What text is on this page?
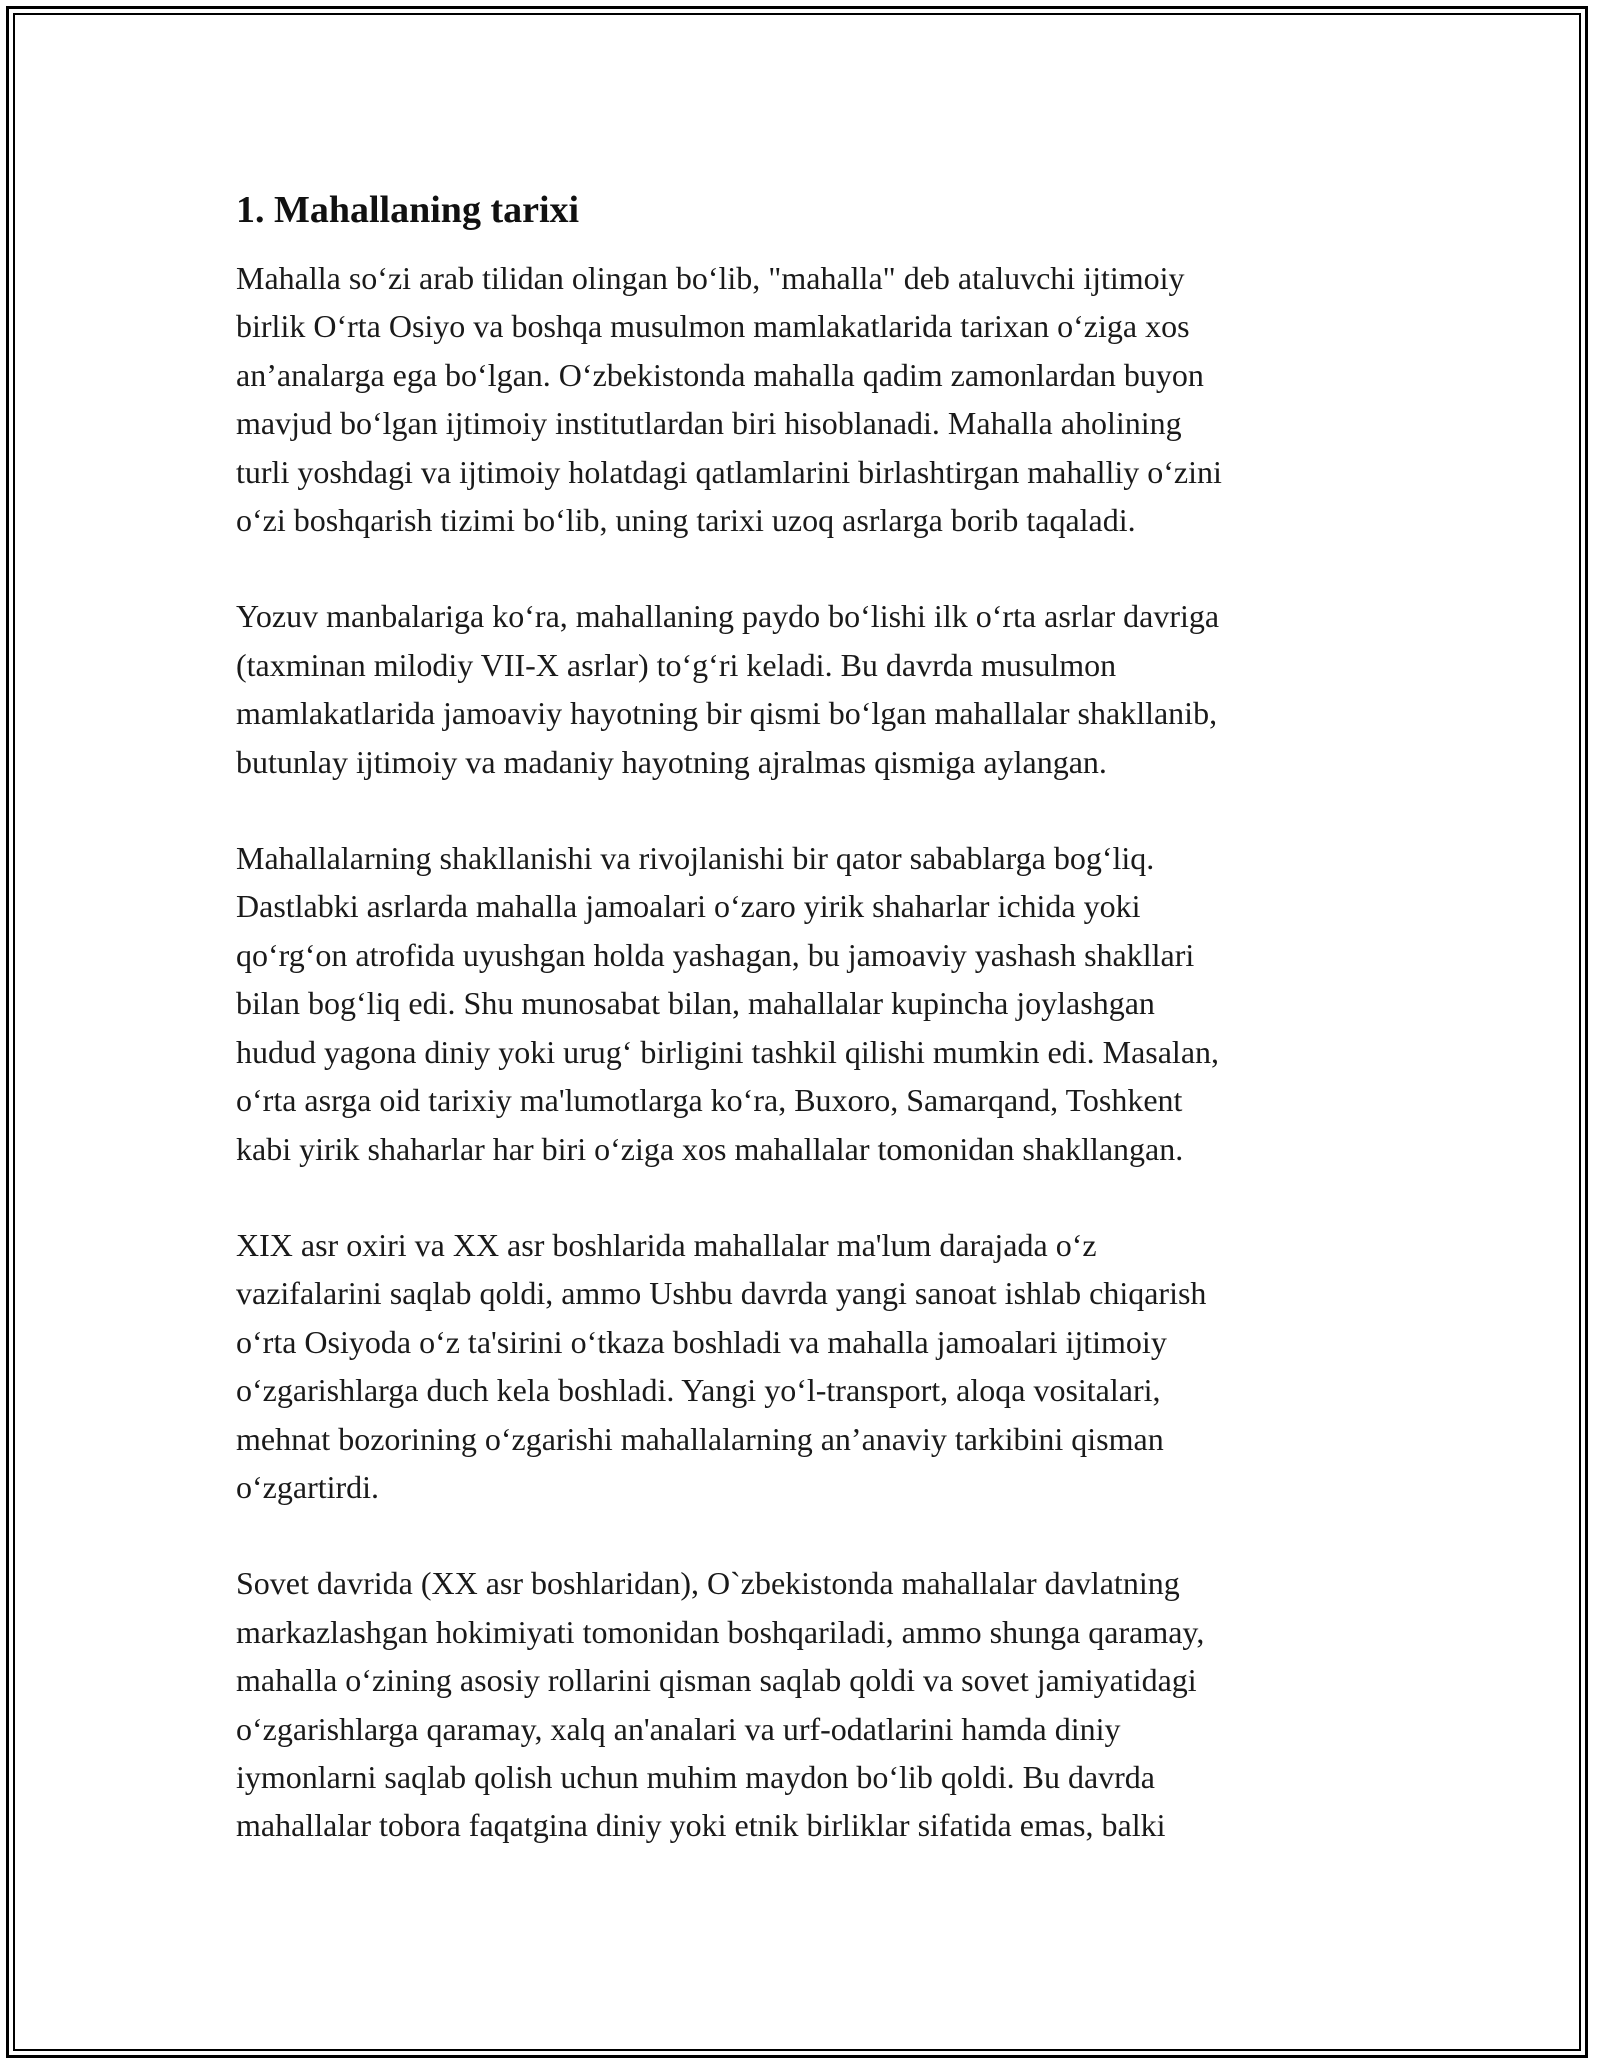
1. Mahallaning tarixi

Mahalla so‘zi arab tilidan olingan bo‘lib, "mahalla" deb ataluvchi ijtimoiy
birlik O‘rta Osiyo va boshqa musulmon mamlakatlarida tarixan o‘ziga xos
an’analarga ega bo‘lgan. O‘zbekistonda mahalla qadim zamonlardan buyon
mavjud bo‘lgan ijtimoiy institutlardan biri hisoblanadi. Mahalla aholining
turli yoshdagi va ijtimoiy holatdagi qatlamlarini birlashtirgan mahalliy o‘zini
o‘zi boshqarish tizimi bo‘lib, uning tarixi uzoq asrlarga borib taqaladi.

Yozuv manbalariga ko‘ra, mahallaning paydo bo‘lishi ilk o‘rta asrlar davriga
(taxminan milodiy VII-X asrlar) to‘g‘ri keladi. Bu davrda musulmon
mamlakatlarida jamoaviy hayotning bir qismi bo‘lgan mahallalar shakllanib,
butunlay ijtimoiy va madaniy hayotning ajralmas qismiga aylangan.

Mahallalarning shakllanishi va rivojlanishi bir qator sabablarga bog‘liq.
Dastlabki asrlarda mahalla jamoalari o‘zaro yirik shaharlar ichida yoki
qo‘rg‘on atrofida uyushgan holda yashagan, bu jamoaviy yashash shakllari
bilan bog‘liq edi. Shu munosabat bilan, mahallalar kupincha joylashgan
hudud yagona diniy yoki urug‘ birligini tashkil qilishi mumkin edi. Masalan,
o‘rta asrga oid tarixiy ma'lumotlarga ko‘ra, Buxoro, Samarqand, Toshkent
kabi yirik shaharlar har biri o‘ziga xos mahallalar tomonidan shakllangan.

XIX asr oxiri va XX asr boshlarida mahallalar ma'lum darajada o‘z
vazifalarini saqlab qoldi, ammo Ushbu davrda yangi sanoat ishlab chiqarish
o‘rta Osiyoda o‘z ta'sirini o‘tkaza boshladi va mahalla jamoalari ijtimoiy
o‘zgarishlarga duch kela boshladi. Yangi yo‘l-transport, aloqa vositalari,
mehnat bozorining o‘zgarishi mahallalarning an’anaviy tarkibini qisman
o‘zgartirdi.

Sovet davrida (XX asr boshlaridan), O`zbekistonda mahallalar davlatning
markazlashgan hokimiyati tomonidan boshqariladi, ammo shunga qaramay,
mahalla o‘zining asosiy rollarini qisman saqlab qoldi va sovet jamiyatidagi
o‘zgarishlarga qaramay, xalq an'analari va urf-odatlarini hamda diniy
iymonlarni saqlab qolish uchun muhim maydon bo‘lib qoldi. Bu davrda
mahallalar tobora faqatgina diniy yoki etnik birliklar sifatida emas, balki
